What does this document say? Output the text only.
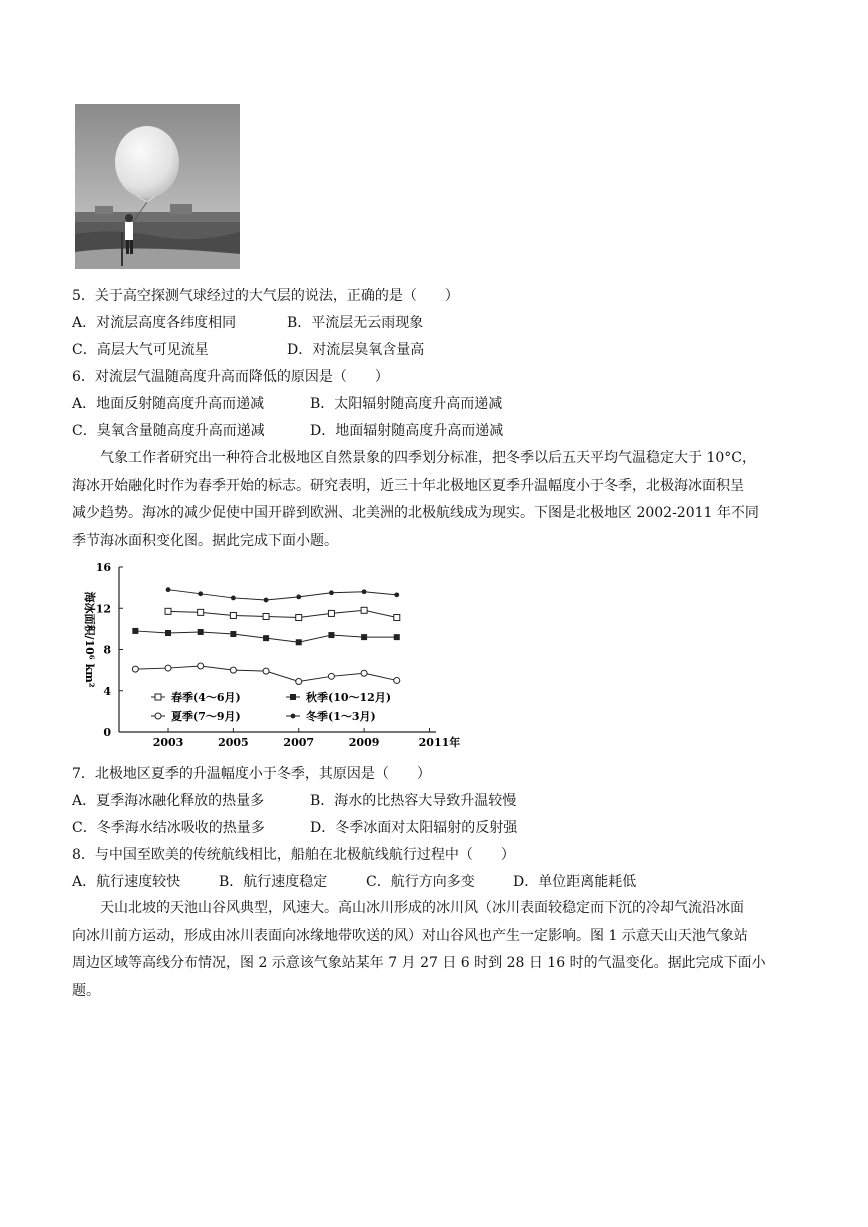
5．关于高空探测气球经过的大气层的说法，正确的是（　　）
A．对流层高度各纬度相同	B．平流层无云雨现象
C．高层大气可见流星	D．对流层臭氧含量高
6．对流层气温随高度升高而降低的原因是（　　）
A．地面反射随高度升高而递减	B．太阳辐射随高度升高而递减
C．臭氧含量随高度升高而递减	D．地面辐射随高度升高而递减
　　气象工作者研究出一种符合北极地区自然景象的四季划分标准，把冬季以后五天平均气温稳定大于 10°C，
海冰开始融化时作为春季开始的标志。研究表明，近三十年北极地区夏季升温幅度小于冬季，北极海冰面积呈
减少趋势。海冰的减少促使中国开辟到欧洲、北美洲的北极航线成为现实。下图是北极地区 2002-2011 年不同
季节海冰面积变化图。据此完成下面小题。
0
4
8
12
16
2003	2005	2007	2009	2011年
海冰面积/10⁶ km²
春季(4～6月)	秋季(10～12月)
夏季(7～9月)	冬季(1～3月)
7．北极地区夏季的升温幅度小于冬季，其原因是（　　）
A．夏季海冰融化释放的热量多	B．海水的比热容大导致升温较慢
C．冬季海水结冰吸收的热量多	D．冬季冰面对太阳辐射的反射强
8．与中国至欧美的传统航线相比，船舶在北极航线航行过程中（　　）
A．航行速度较快	B．航行速度稳定	C．航行方向多变	D．单位距离能耗低
　　天山北坡的天池山谷风典型，风速大。高山冰川形成的冰川风（冰川表面较稳定而下沉的冷却气流沿冰面
向冰川前方运动，形成由冰川表面向冰缘地带吹送的风）对山谷风也产生一定影响。图 1 示意天山天池气象站
周边区域等高线分布情况，图 2 示意该气象站某年 7 月 27 日 6 时到 28 日 16 时的气温变化。据此完成下面小
题。
